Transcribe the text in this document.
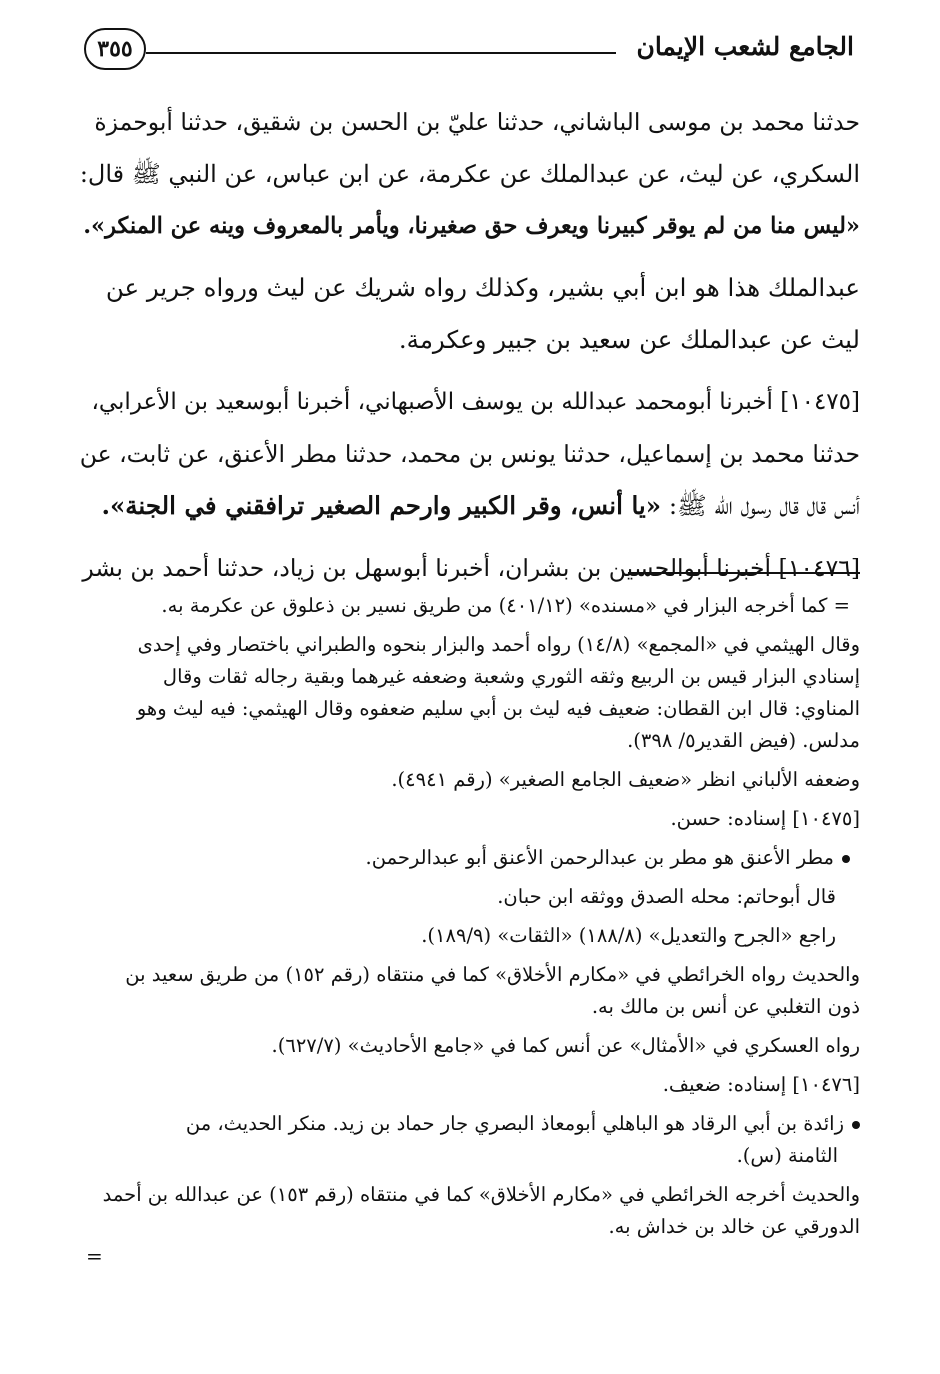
الجامع لشعب الإيمان
٣٥٥

حدثنا محمد بن موسى الباشاني، حدثنا عليّ بن الحسن بن شقيق، حدثنا أبوحمزة
السكري، عن ليث، عن عبدالملك عن عكرمة، عن ابن عباس، عن النبي ﷺ قال:
«ليس منا من لم يوقر كبيرنا ويعرف حق صغيرنا، ويأمر بالمعروف وينه عن المنكر».

عبدالملك هذا هو ابن أبي بشير، وكذلك رواه شريك عن ليث ورواه جرير عن
ليث عن عبدالملك عن سعيد بن جبير وعكرمة.

[١٠٤٧٥] أخبرنا أبومحمد عبدالله بن يوسف الأصبهاني، أخبرنا أبوسعيد بن الأعرابي،
حدثنا محمد بن إسماعيل، حدثنا يونس بن محمد، حدثنا مطر الأعنق، عن ثابت، عن
أنس قال قال رسول الله ﷺ: «يا أنس، وقر الكبير وارحم الصغير ترافقني في الجنة».

[١٠٤٧٦] أخبرنا أبوالحسين بن بشران، أخبرنا أبوسهل بن زياد، حدثنا أحمد بن بشر

= كما أخرجه البزار في «مسنده» (٤٠١/١٢) من طريق نسير بن ذعلوق عن عكرمة به.

وقال الهيثمي في «المجمع» (١٤/٨) رواه أحمد والبزار بنحوه والطبراني باختصار وفي إحدى
إسنادي البزار قيس بن الربيع وثقه الثوري وشعبة وضعفه غيرهما وبقية رجاله ثقات وقال
المناوي: قال ابن القطان: ضعيف فيه ليث بن أبي سليم ضعفوه وقال الهيثمي: فيه ليث وهو
مدلس. (فيض القدير٥/ ٣٩٨).

وضعفه الألباني انظر «ضعيف الجامع الصغير» (رقم ٤٩٤١).

[١٠٤٧٥] إسناده: حسن.

مطر الأعنق هو مطر بن عبدالرحمن الأعنق أبو عبدالرحمن.

قال أبوحاتم: محله الصدق ووثقه ابن حبان.

راجع «الجرح والتعديل» (١٨٨/٨) «الثقات» (١٨٩/٩).

والحديث رواه الخرائطي في «مكارم الأخلاق» كما في منتقاه (رقم ١٥٢) من طريق سعيد بن
ذون التغلبي عن أنس بن مالك به.

رواه العسكري في «الأمثال» عن أنس كما في «جامع الأحاديث» (٦٢٧/٧).

[١٠٤٧٦] إسناده: ضعيف.

زائدة بن أبي الرقاد هو الباهلي أبومعاذ البصري جار حماد بن زيد. منكر الحديث، من
الثامنة (س).

والحديث أخرجه الخرائطي في «مكارم الأخلاق» كما في منتقاه (رقم ١٥٣) عن عبدالله بن أحمد
الدورقي عن خالد بن خداش به.

=
